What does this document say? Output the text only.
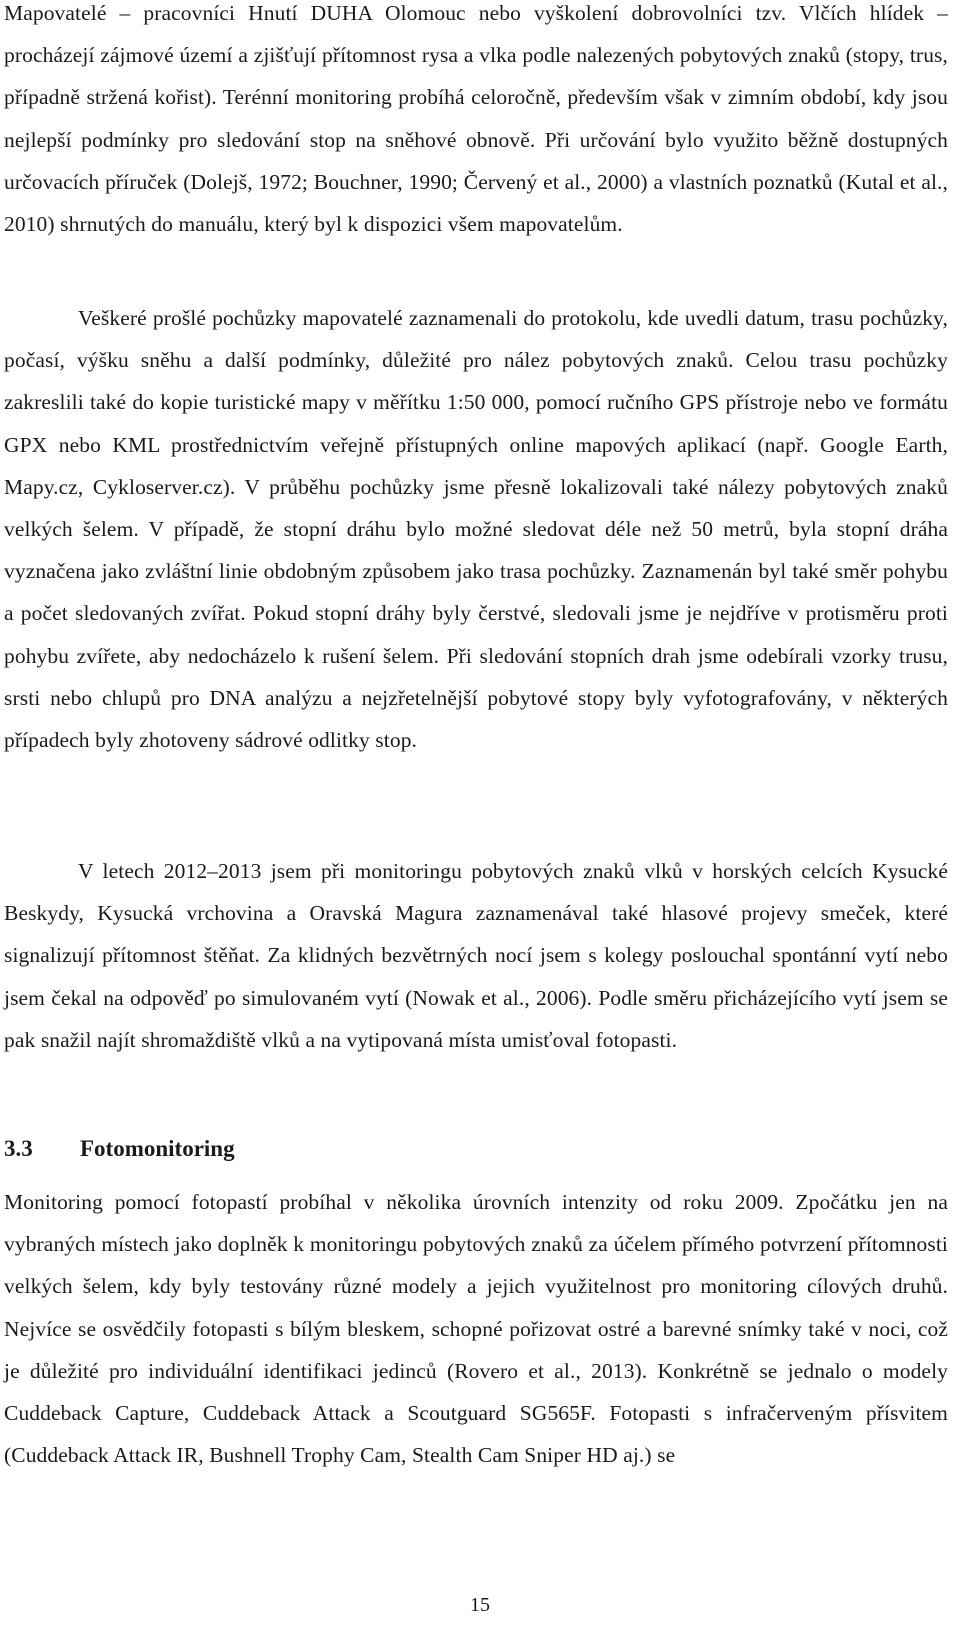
Mapovatelé – pracovníci Hnutí DUHA Olomouc nebo vyškolení dobrovolníci tzv. Vlčích hlídek – procházejí zájmové území a zjišťují přítomnost rysa a vlka podle nalezených pobytových znaků (stopy, trus, případně stržená kořist). Terénní monitoring probíhá celoročně, především však v zimním období, kdy jsou nejlepší podmínky pro sledování stop na sněhové obnově. Při určování bylo využito běžně dostupných určovacích příruček (Dolejš, 1972; Bouchner, 1990; Červený et al., 2000) a vlastních poznatků (Kutal et al., 2010) shrnutých do manuálu, který byl k dispozici všem mapovatelům.

Veškeré prošlé pochůzky mapovatelé zaznamenali do protokolu, kde uvedli datum, trasu pochůzky, počasí, výšku sněhu a další podmínky, důležité pro nález pobytových znaků. Celou trasu pochůzky zakreslili také do kopie turistické mapy v měřítku 1:50 000, pomocí ručního GPS přístroje nebo ve formátu GPX nebo KML prostřednictvím veřejně přístupných online mapových aplikací (např. Google Earth, Mapy.cz, Cykloserver.cz). V průběhu pochůzky jsme přesně lokalizovali také nálezy pobytových znaků velkých šelem. V případě, že stopní dráhu bylo možné sledovat déle než 50 metrů, byla stopní dráha vyznačena jako zvláštní linie obdobným způsobem jako trasa pochůzky. Zaznamenán byl také směr pohybu a počet sledovaných zvířat. Pokud stopní dráhy byly čerstvé, sledovali jsme je nejdříve v protisměru proti pohybu zvířete, aby nedocházelo k rušení šelem. Při sledování stopních drah jsme odebírali vzorky trusu, srsti nebo chlupů pro DNA analýzu a nejzřetelnější pobytové stopy byly vyfotografovány, v některých případech byly zhotoveny sádrové odlitky stop.

V letech 2012–2013 jsem při monitoringu pobytových znaků vlků v horských celcích Kysucké Beskydy, Kysucká vrchovina a Oravská Magura zaznamenával také hlasové projevy smeček, které signalizují přítomnost štěňat. Za klidných bezvětrných nocí jsem s kolegy poslouchal spontánní vytí nebo jsem čekal na odpověď po simulovaném vytí (Nowak et al., 2006). Podle směru přicházejícího vytí jsem se pak snažil najít shromaždiště vlků a na vytipovaná místa umisťoval fotopasti.

3.3 Fotomonitoring

Monitoring pomocí fotopastí probíhal v několika úrovních intenzity od roku 2009. Zpočátku jen na vybraných místech jako doplněk k monitoringu pobytových znaků za účelem přímého potvrzení přítomnosti velkých šelem, kdy byly testovány různé modely a jejich využitelnost pro monitoring cílových druhů. Nejvíce se osvědčily fotopasti s bílým bleskem, schopné pořizovat ostré a barevné snímky také v noci, což je důležité pro individuální identifikaci jedinců (Rovero et al., 2013). Konkrétně se jednalo o modely Cuddeback Capture, Cuddeback Attack a Scoutguard SG565F. Fotopasti s infračerveným přísvitem (Cuddeback Attack IR, Bushnell Trophy Cam, Stealth Cam Sniper HD aj.) se

15
